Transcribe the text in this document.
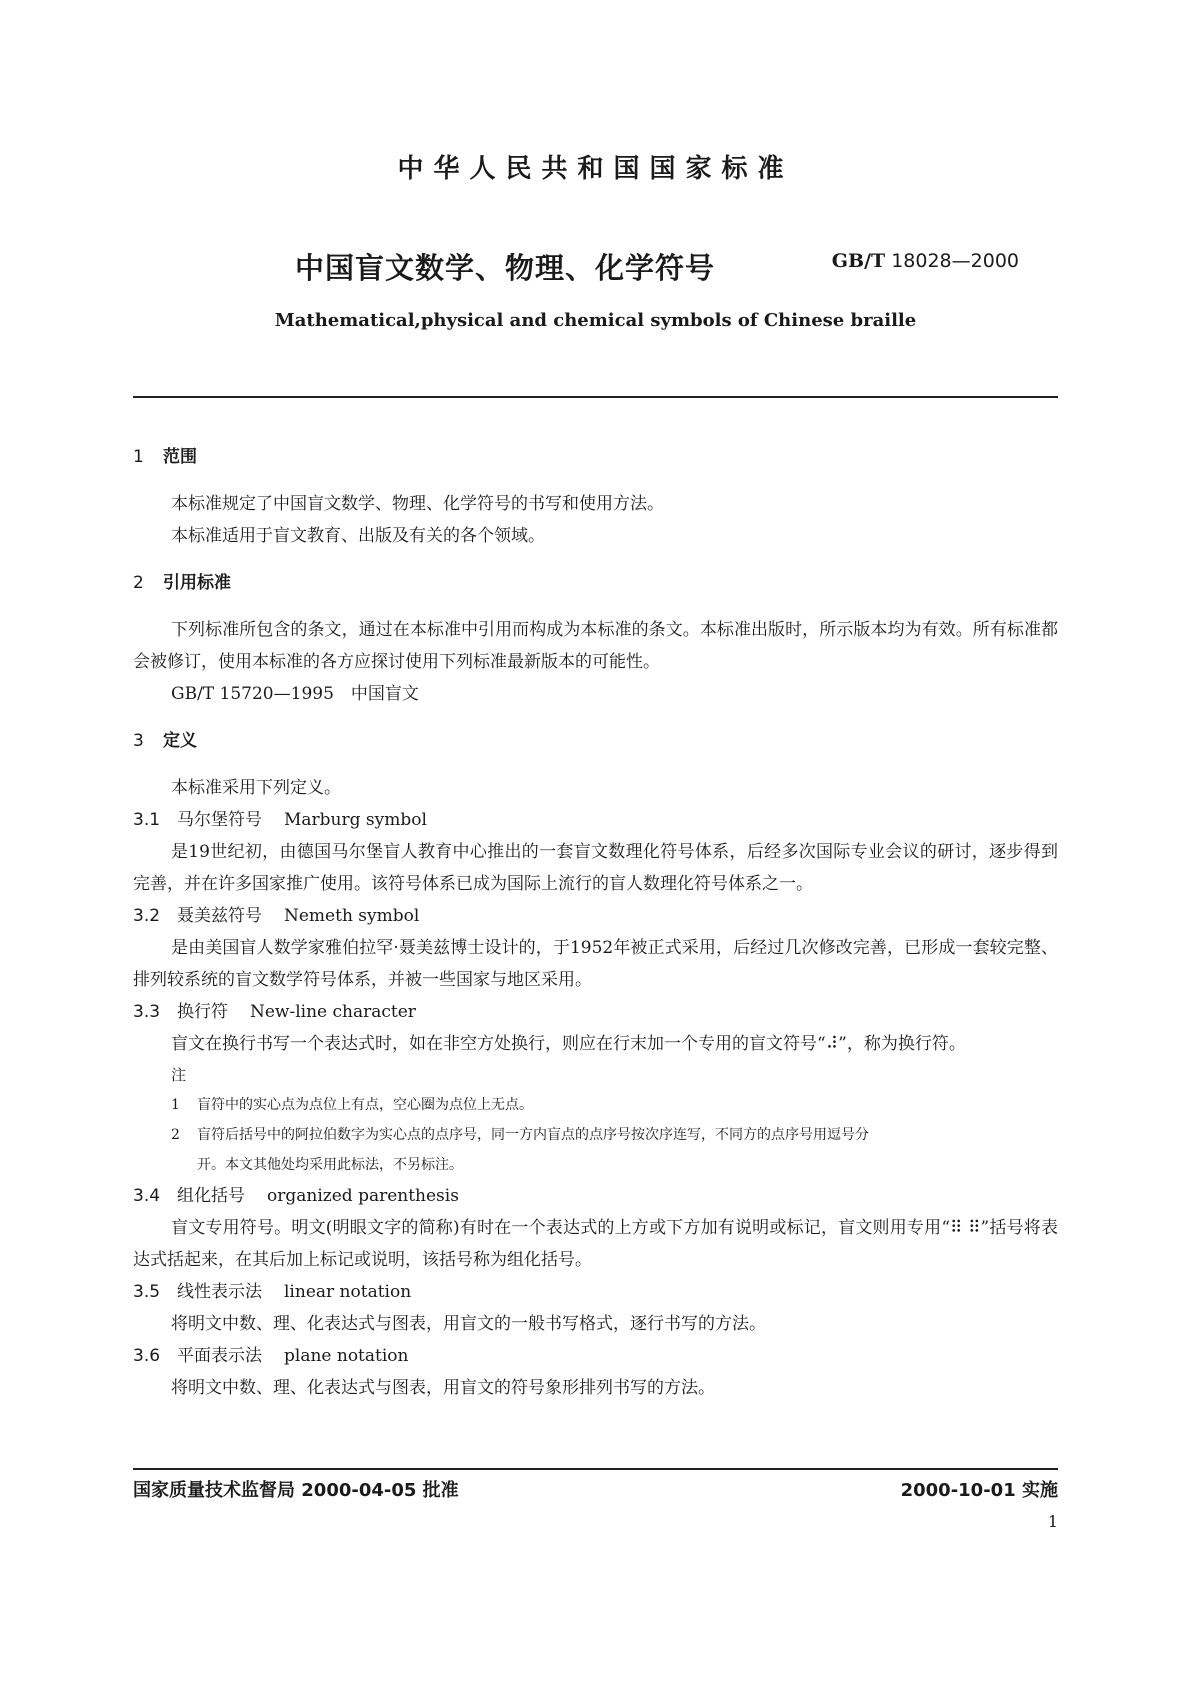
中华人民共和国国家标准
中国盲文数学、物理、化学符号	GB/T 18028—2000
Mathematical,physical and chemical symbols of Chinese braille

1 范围

本标准规定了中国盲文数学、物理、化学符号的书写和使用方法。

本标准适用于盲文教育、出版及有关的各个领域。

2 引用标准

下列标准所包含的条文，通过在本标准中引用而构成为本标准的条文。本标准出版时，所示版本均为有效。所有标准都会被修订，使用本标准的各方应探讨使用下列标准最新版本的可能性。

GB/T 15720—1995　中国盲文

3 定义

本标准采用下列定义。

3.1 马尔堡符号 Marburg symbol

是19世纪初，由德国马尔堡盲人教育中心推出的一套盲文数理化符号体系，后经多次国际专业会议的研讨，逐步得到完善，并在许多国家推广使用。该符号体系已成为国际上流行的盲人数理化符号体系之一。

3.2 聂美兹符号 Nemeth symbol

是由美国盲人数学家雅伯拉罕·聂美兹博士设计的，于1952年被正式采用，后经过几次修改完善，已形成一套较完整、排列较系统的盲文数学符号体系，并被一些国家与地区采用。

3.3 换行符 New-line character

盲文在换行书写一个表达式时，如在非空方处换行，则应在行末加一个专用的盲文符号“⠼”，称为换行符。

注

1 盲符中的实心点为点位上有点，空心圈为点位上无点。

2 盲符后括号中的阿拉伯数字为实心点的点序号，同一方内盲点的点序号按次序连写，不同方的点序号用逗号分
开。本文其他处均采用此标法，不另标注。

3.4 组化括号 organized parenthesis

盲文专用符号。明文(明眼文字的简称)有时在一个表达式的上方或下方加有说明或标记，盲文则用专用“⠿ ⠿”括号将表达式括起来，在其后加上标记或说明，该括号称为组化括号。

3.5 线性表示法 linear notation

将明文中数、理、化表达式与图表，用盲文的一般书写格式，逐行书写的方法。

3.6 平面表示法 plane notation

将明文中数、理、化表达式与图表，用盲文的符号象形排列书写的方法。

国家质量技术监督局 2000-04-05 批准	2000-10-01 实施
1
